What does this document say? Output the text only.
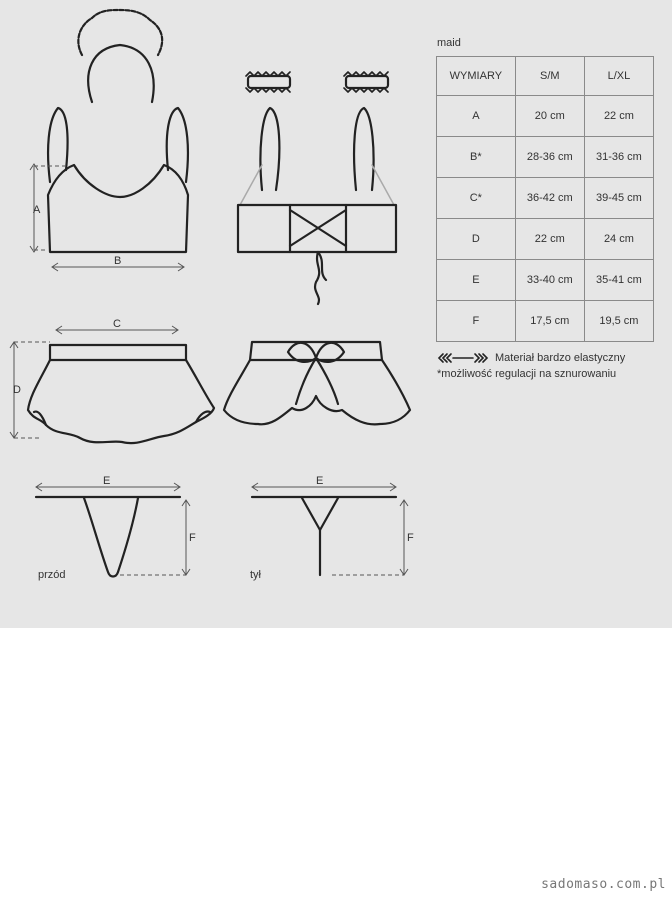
A
B
C
D
E
F
E
F
przód	tył
maid
WYMIARY	S/M	L/XL
A	20 cm	22 cm
B*	28-36 cm	31-36 cm
C*	36-42 cm	39-45 cm
D	22 cm	24 cm
E	33-40 cm	35-41 cm
F	17,5 cm	19,5 cm
Materiał bardzo elastyczny
*możliwość regulacji na sznurowaniu
sadomaso.com.pl
